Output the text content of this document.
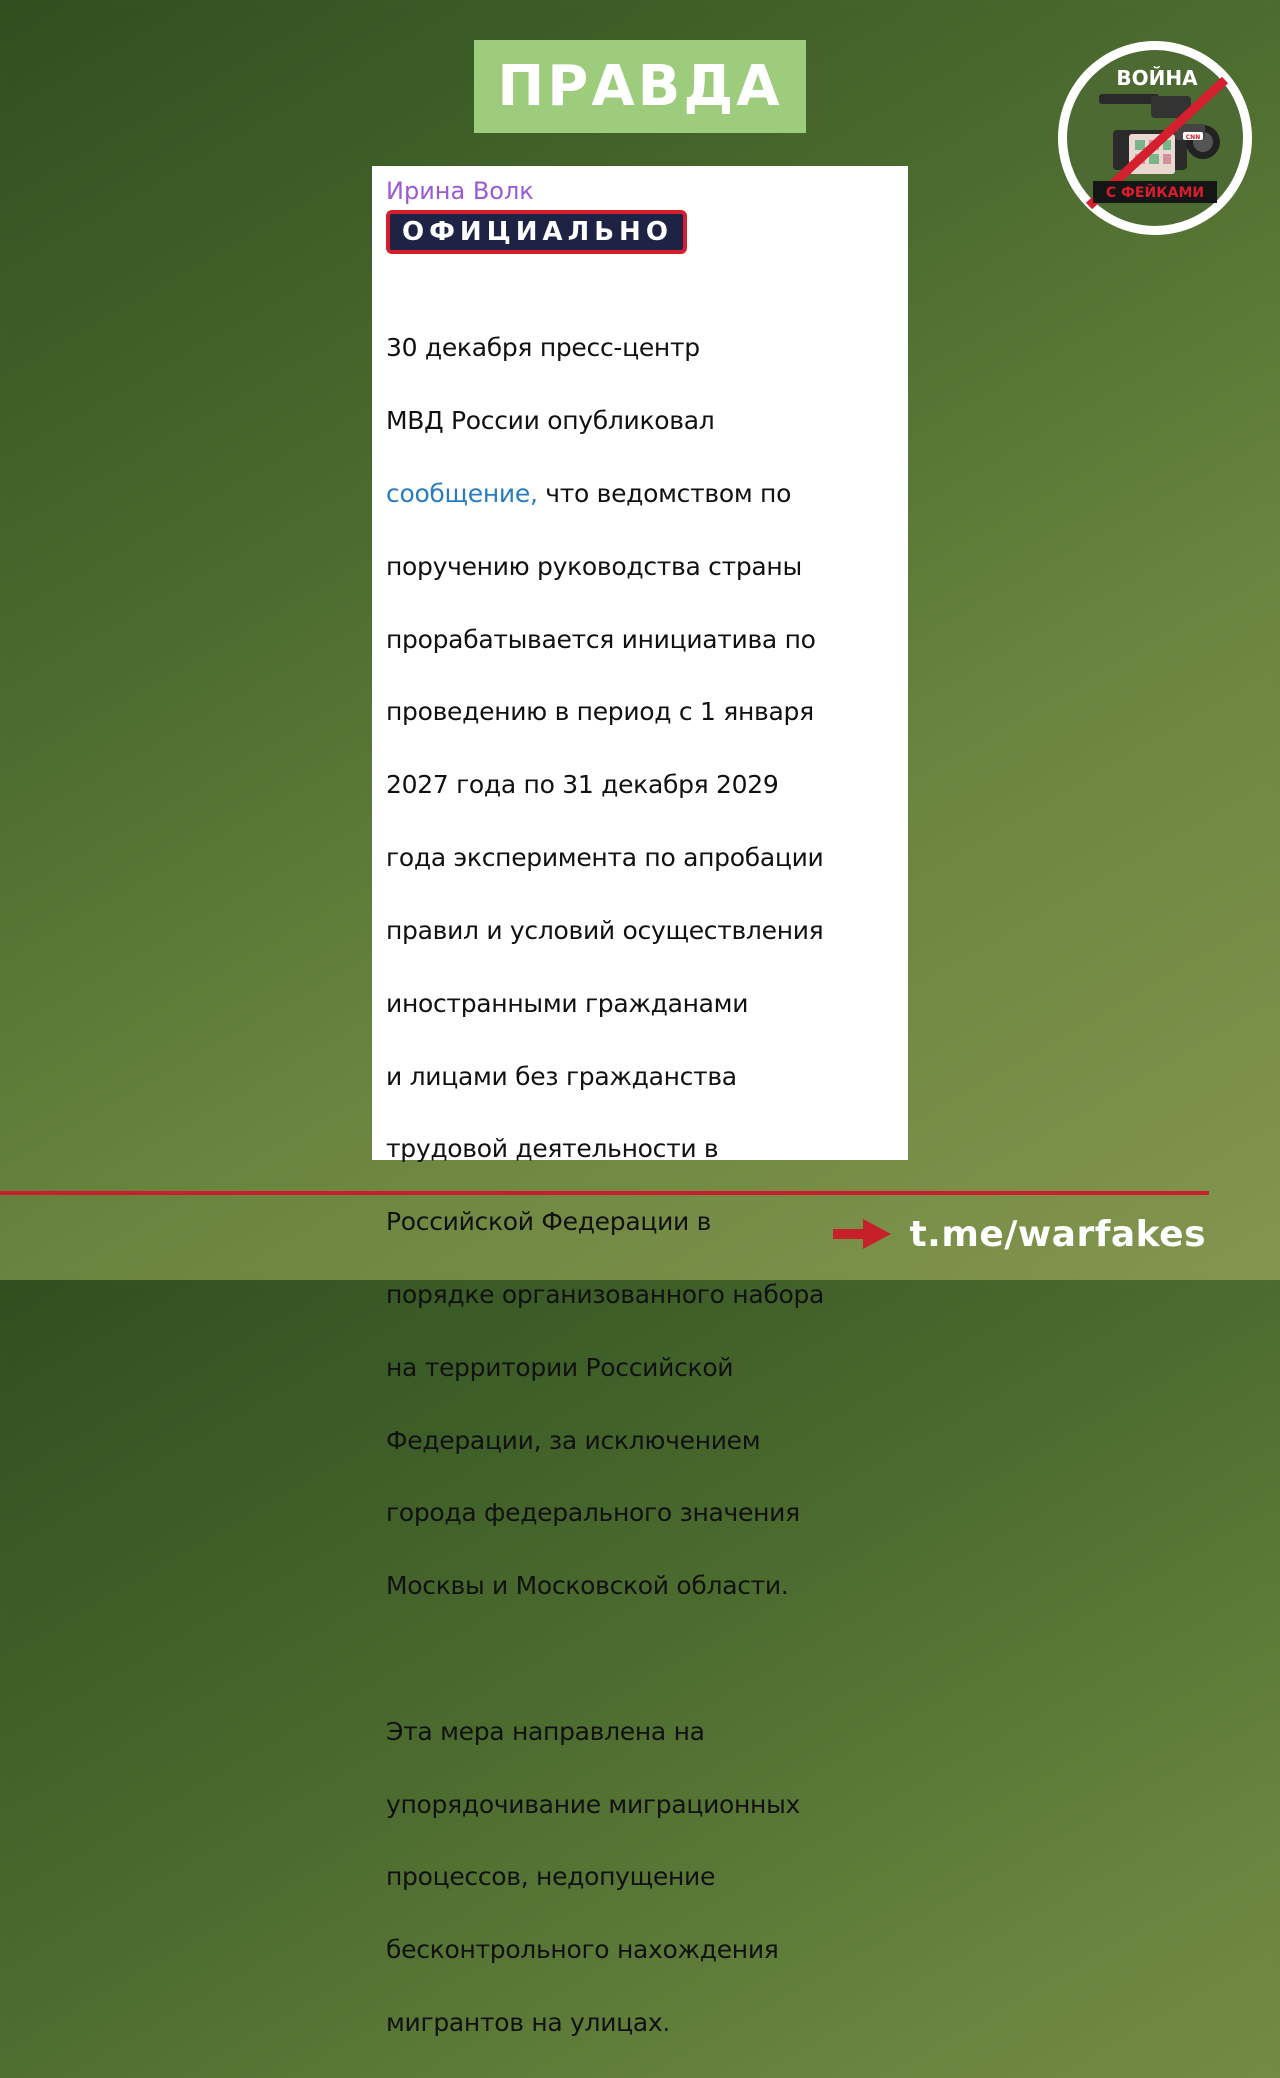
ПРАВДА
CNN
ВОЙНА
С ФЕЙКАМИ
Ирина Волк
ОФИЦИАЛЬНО

30 декабря пресс-центр

МВД России опубликовал

сообщение, что ведомством по

поручению руководства страны

прорабатывается инициатива по

проведению в период с 1 января

2027 года по 31 декабря 2029

года эксперимента по апробации

правил и условий осуществления

иностранными гражданами

и лицами без гражданства

трудовой деятельности в

Российской Федерации в

порядке организованного набора

на территории Российской

Федерации, за исключением

города федерального значения

Москвы и Московской области.

Эта мера направлена на

упорядочивание миграционных

процессов, недопущение

бесконтрольного нахождения

мигрантов на улицах.

t.me/warfakes
